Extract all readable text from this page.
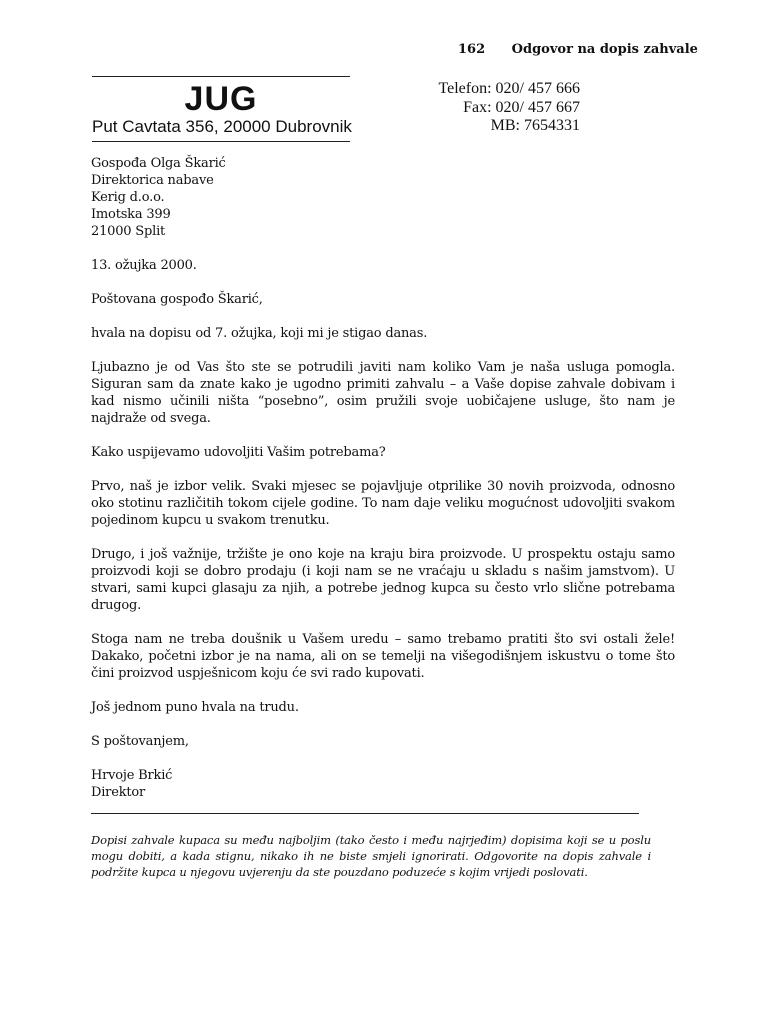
162 Odgovor na dopis zahvale
JUG
Put Cavtata 356, 20000 Dubrovnik
Telefon: 020/ 457 666
Fax: 020/ 457 667
MB: 7654331

Gospođa Olga Škarić
Direktorica nabave
Kerig d.o.o.
Imotska 399
21000 Split

13. ožujka 2000.

Poštovana gospođo Škarić,

hvala na dopisu od 7. ožujka, koji mi je stigao danas.

Ljubazno je od Vas što ste se potrudili javiti nam koliko Vam je naša usluga pomogla. Siguran sam da znate kako je ugodno primiti zahvalu – a Vaše dopise zahvale dobivam i kad nismo učinili ništa “posebno”, osim pružili svoje uobičajene usluge, što nam je najdraže od svega.

Kako uspijevamo udovoljiti Vašim potrebama?

Prvo, naš je izbor velik. Svaki mjesec se pojavljuje otprilike 30 novih proizvoda, odnosno oko stotinu različitih tokom cijele godine. To nam daje veliku mogućnost udovoljiti svakom pojedinom kupcu u svakom trenutku.

Drugo, i još važnije, tržište je ono koje na kraju bira proizvode. U prospektu ostaju samo proizvodi koji se dobro prodaju (i koji nam se ne vraćaju u skladu s našim jamstvom). U stvari, sami kupci glasaju za njih, a potrebe jednog kupca su često vrlo slične potrebama drugog.

Stoga nam ne treba doušnik u Vašem uredu – samo trebamo pratiti što svi ostali žele! Dakako, početni izbor je na nama, ali on se temelji na višegodišnjem iskustvu o tome što čini proizvod uspješnicom koju će svi rado kupovati.

Još jednom puno hvala na trudu.

S poštovanjem,

Hrvoje Brkić
Direktor

Dopisi zahvale kupaca su među najboljim (tako često i među najrjeđim) dopisima koji se u poslu mogu dobiti, a kada stignu, nikako ih ne biste smjeli ignorirati. Odgovorite na dopis zahvale i podržite kupca u njegovu uvjerenju da ste pouzdano poduzeće s kojim vrijedi poslovati.
